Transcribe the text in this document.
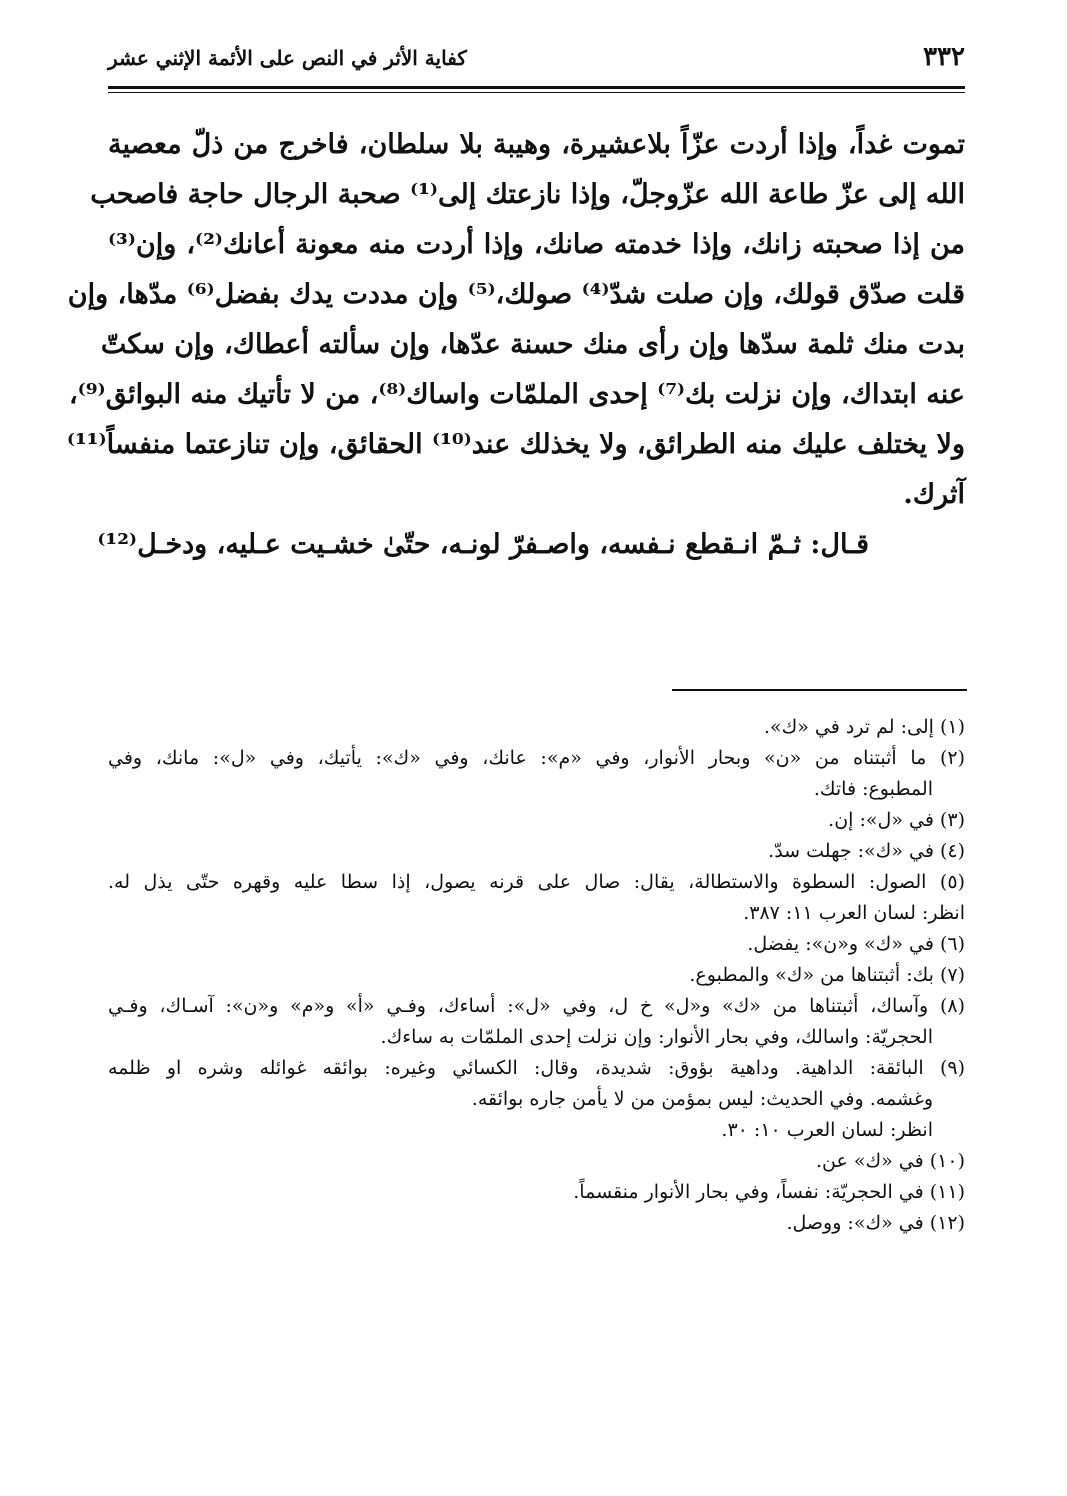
٣٣٢
كفاية الأثر في النص على الأئمة الإثني عشر
تموت غداً، وإذا أردت عزّاً بلاعشيرة، وهيبة بلا سلطان، فاخرج من ذلّ معصية
الله إلى عزّ طاعة الله عزّوجلّ، وإذا نازعتك إلى⁽¹⁾ صحبة الرجال حاجة فاصحب
من إذا صحبته زانك، وإذا خدمته صانك، وإذا أردت منه معونة أعانك⁽²⁾، وإن⁽³⁾
قلت صدّق قولك، وإن صلت شدّ⁽⁴⁾ صولك،⁽⁵⁾ وإن مددت يدك بفضل⁽⁶⁾ مدّها، وإن
بدت منك ثلمة سدّها وإن رأى منك حسنة عدّها، وإن سألته أعطاك، وإن سكتّ
عنه ابتداك، وإن نزلت بك⁽⁷⁾ إحدى الملمّات واساك⁽⁸⁾، من لا تأتيك منه البوائق⁽⁹⁾،
ولا يختلف عليك منه الطرائق، ولا يخذلك عند⁽¹⁰⁾ الحقائق، وإن تنازعتما منفساً⁽¹¹⁾
آثرك.
قـال: ثـمّ انـقطع نـفسه، واصـفرّ لونـه، حتّىٰ خشـيت عـليه، ودخـل⁽¹²⁾
(١) إلى: لم ترد في «ك».
(٢) ما أثبتناه من «ن» وبحار الأنوار، وفي «م»: عانك، وفي «ك»: يأتيك، وفي «ل»: مانك، وفي
المطبوع: فاتك.
(٣) في «ل»: إن.
(٤) في «ك»: جهلت سدّ.
(٥) الصول: السطوة والاستطالة، يقال: صال على قرنه يصول، إذا سطا عليه وقهره حتّى يذل له.
انظر: لسان العرب ١١: ٣٨٧.
(٦) في «ك» و«ن»: يفضل.
(٧) بك: أثبتناها من «ك» والمطبوع.
(٨) وآساك، أثبتناها من «ك» و«ل» خ ل، وفي «ل»: أساءك، وفـي «أ» و«م» و«ن»: آسـاك، وفـي
الحجريّة: واسالك، وفي بحار الأنوار: وإن نزلت إحدى الملمّات به ساءك.
(٩) البائقة: الداهية. وداهية بؤوق: شديدة، وقال: الكسائي وغيره: بوائقه غوائله وشره او ظلمه
وغشمه. وفي الحديث: ليس بمؤمن من لا يأمن جاره بوائقه.
انظر: لسان العرب ١٠: ٣٠.
(١٠) في «ك» عن.
(١١) في الحجريّة: نفساً، وفي بحار الأنوار منقسماً.
(١٢) في «ك»: ووصل.
